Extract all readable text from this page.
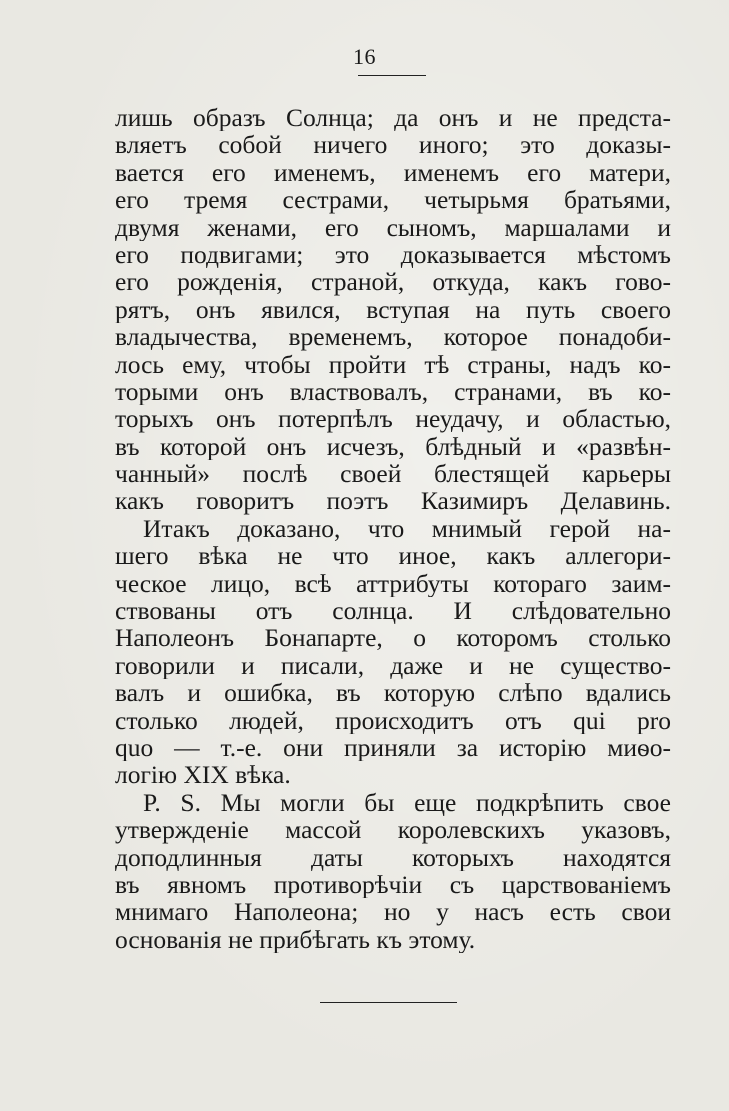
16
лишь образъ Солнца; да онъ и не предста-
вляетъ собой ничего иного; это доказы-
вается его именемъ, именемъ его матери,
его тремя сестрами, четырьмя братьями,
двумя женами, его сыномъ, маршалами и
его подвигами; это доказывается мѣстомъ
его рожденія, страной, откуда, какъ гово-
рятъ, онъ явился, вступая на путь своего
владычества, временемъ, которое понадоби-
лось ему, чтобы пройти тѣ страны, надъ ко-
торыми онъ властвовалъ, странами, въ ко-
торыхъ онъ потерпѣлъ неудачу, и областью,
въ которой онъ исчезъ, блѣдный и «развѣн-
чанный» послѣ своей блестящей карьеры
какъ говоритъ поэтъ Казимиръ Делавинь.
Итакъ доказано, что мнимый герой на-
шего вѣка не что иное, какъ аллегори-
ческое лицо, всѣ аттрибуты котораго заим-
ствованы отъ солнца. И слѣдовательно
Наполеонъ Бонапарте, о которомъ столько
говорили и писали, даже и не существо-
валъ и ошибка, въ которую слѣпо вдались
столько людей, происходитъ отъ qui pro
quo — т.-е. они приняли за исторію миѳо-
логію XIX вѣка.
P. S. Мы могли бы еще подкрѣпить свое
утвержденіе массой королевскихъ указовъ,
доподлинныя даты которыхъ находятся
въ явномъ противорѣчіи съ царствованіемъ
мнимаго Наполеона; но у насъ есть свои
основанія не прибѣгать къ этому.
